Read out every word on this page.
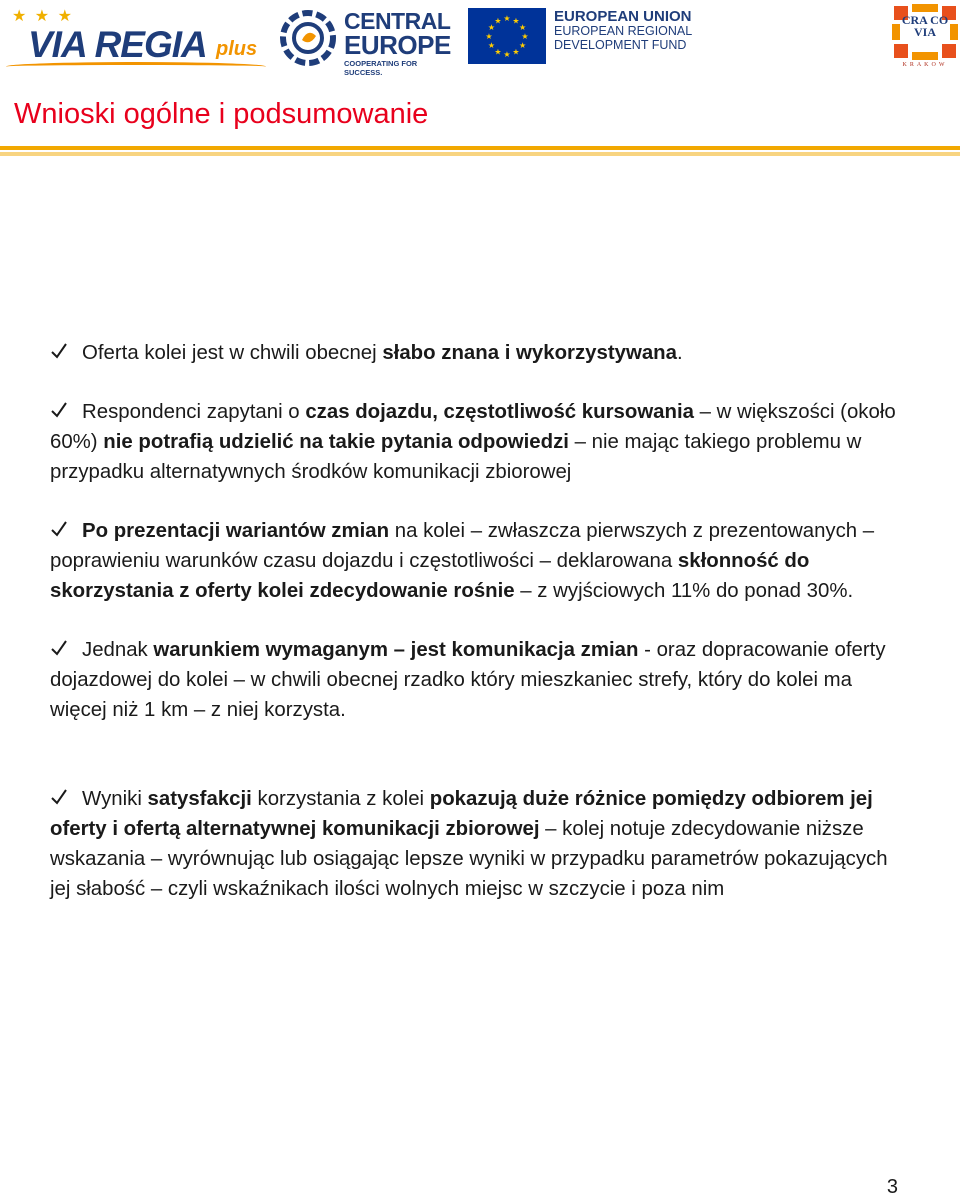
★ ★ ★
VIA REGIA plus
CENTRAL
EUROPE
COOPERATING FOR SUCCESS.
★
★
★
★
★
★
★
★
★ ★ ★
★
EUROPEAN UNION
EUROPEAN REGIONAL
DEVELOPMENT FUND
CRA CO VIA
KRAKOW
Wnioski ogólne i podsumowanie

Oferta kolei jest w chwili obecnej słabo znana i wykorzystywana.

Respondenci zapytani o czas dojazdu, częstotliwość kursowania – w większości (około 60%) nie potrafią udzielić na takie pytania odpowiedzi – nie mając takiego problemu w przypadku alternatywnych środków komunikacji zbiorowej

Po prezentacji wariantów zmian na kolei – zwłaszcza pierwszych z prezentowanych – poprawieniu warunków czasu dojazdu i częstotliwości – deklarowana skłonność do skorzystania z oferty kolei zdecydowanie rośnie – z wyjściowych 11% do ponad 30%.

Jednak warunkiem wymaganym – jest komunikacja zmian - oraz dopracowanie oferty dojazdowej do kolei – w chwili obecnej rzadko który mieszkaniec strefy, który do kolei ma więcej niż 1 km – z niej korzysta.

Wyniki satysfakcji korzystania z kolei pokazują duże różnice pomiędzy odbiorem jej oferty i ofertą alternatywnej komunikacji zbiorowej – kolej notuje zdecydowanie niższe wskazania – wyrównując lub osiągając lepsze wyniki w przypadku parametrów pokazujących jej słabość – czyli wskaźnikach ilości wolnych miejsc w szczycie i poza nim

3
